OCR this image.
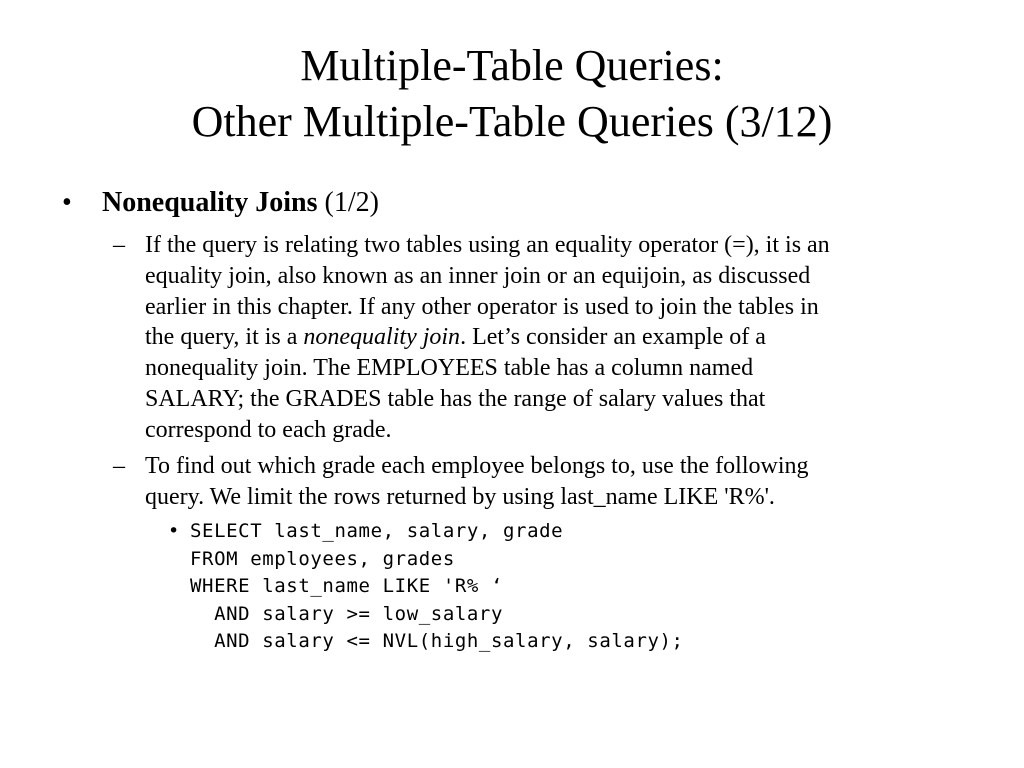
Multiple-Table Queries:
Other Multiple-Table Queries (3/12)
• Nonequality Joins (1/2)
– If the query is relating two tables using an equality operator (=), it is an
equality join, also known as an inner join or an equijoin, as discussed
earlier in this chapter. If any other operator is used to join the tables in
the query, it is a nonequality join. Let’s consider an example of a
nonequality join. The EMPLOYEES table has a column named
SALARY; the GRADES table has the range of salary values that
correspond to each grade.
– To find out which grade each employee belongs to, use the following
query. We limit the rows returned by using last_name LIKE 'R%'.
• SELECT last_name, salary, grade
FROM employees, grades
WHERE last_name LIKE 'R% ‘
AND salary >= low_salary
AND salary <= NVL(high_salary, salary);
